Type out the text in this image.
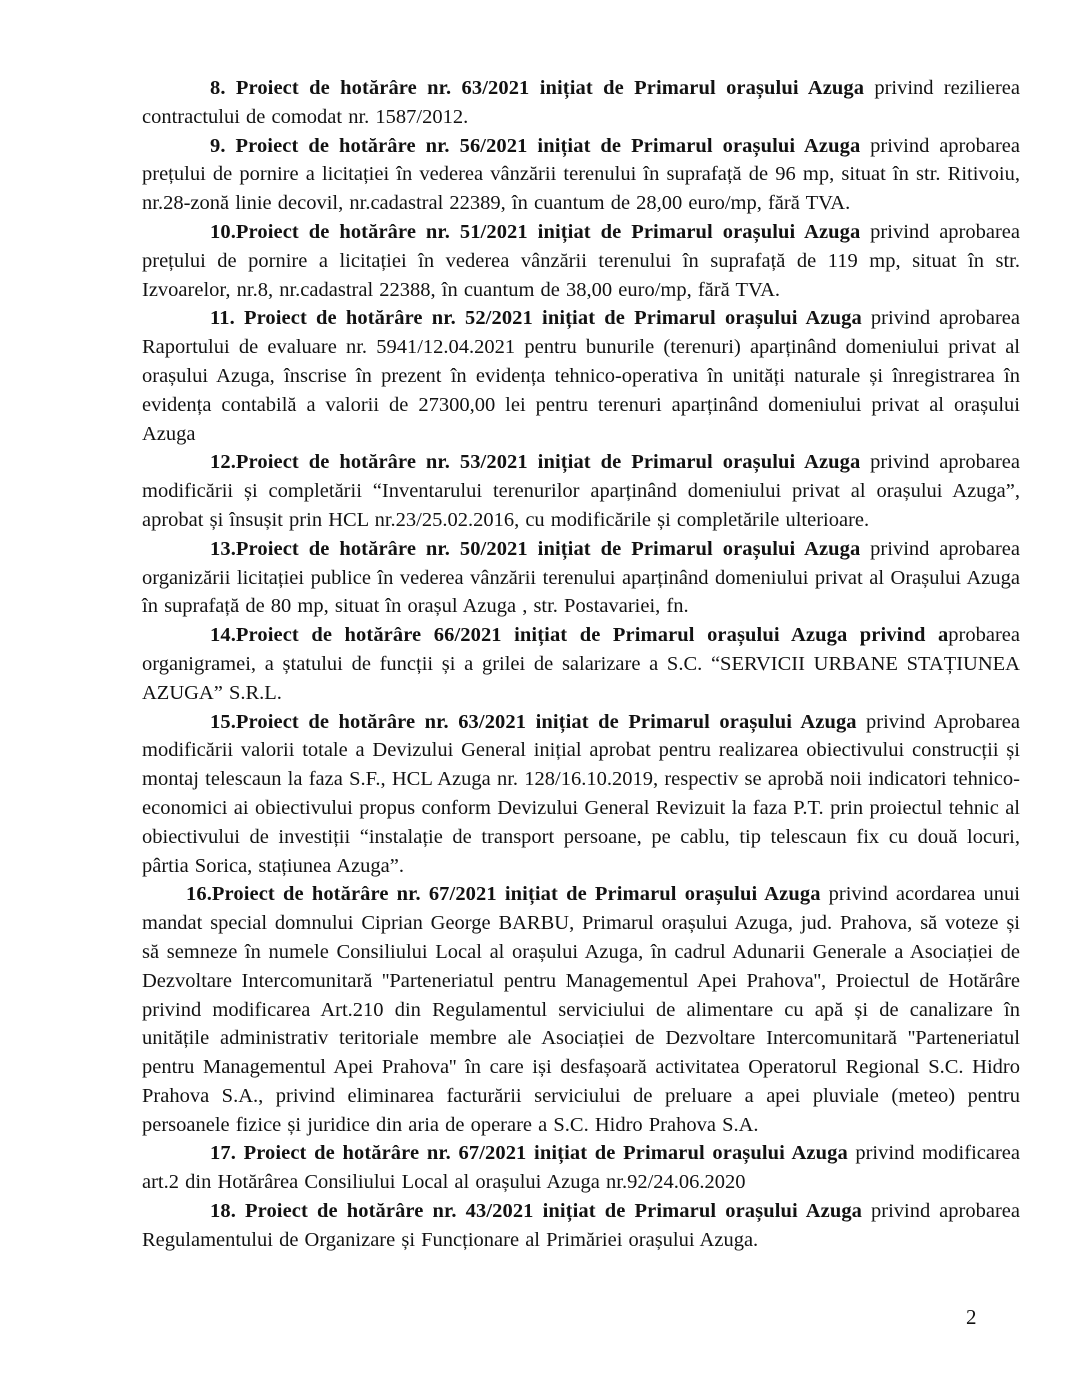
8. Proiect de hotărâre nr. 63/2021 inițiat de Primarul orașului Azuga privind rezilierea contractului de comodat nr. 1587/2012.

9. Proiect de hotărâre nr. 56/2021 inițiat de Primarul orașului Azuga privind aprobarea prețului de pornire a licitației în vederea vânzării terenului în suprafață de 96 mp, situat în str. Ritivoiu, nr.28-zonă linie decovil, nr.cadastral 22389, în cuantum de 28,00 euro/mp, fără TVA.

10.Proiect de hotărâre nr. 51/2021 inițiat de Primarul orașului Azuga privind aprobarea prețului de pornire a licitației în vederea vânzării terenului în suprafață de 119 mp, situat în str. Izvoarelor, nr.8, nr.cadastral 22388, în cuantum de 38,00 euro/mp, fără TVA.

11. Proiect de hotărâre nr. 52/2021 inițiat de Primarul orașului Azuga privind aprobarea Raportului de evaluare nr. 5941/12.04.2021 pentru bunurile (terenuri) aparținând domeniului privat al orașului Azuga, înscrise în prezent în evidența tehnico-operativa în unități naturale și înregistrarea în evidența contabilă a valorii de 27300,00 lei pentru terenuri aparținând domeniului privat al orașului Azuga

12.Proiect de hotărâre nr. 53/2021 inițiat de Primarul orașului Azuga privind aprobarea modificării și completării “Inventarului terenurilor aparținând domeniului privat al orașului Azuga”, aprobat și însușit prin HCL nr.23/25.02.2016, cu modificările și completările ulterioare.

13.Proiect de hotărâre nr. 50/2021 inițiat de Primarul orașului Azuga privind aprobarea organizării licitației publice în vederea vânzării terenului aparținând domeniului privat al Orașului Azuga în suprafață de 80 mp, situat în orașul Azuga , str. Postavariei, fn.

14.Proiect de hotărâre 66/2021 inițiat de Primarul orașului Azuga privind aprobarea organigramei, a ștatului de funcții și a grilei de salarizare a S.C. “SERVICII URBANE STAȚIUNEA AZUGA” S.R.L.

15.Proiect de hotărâre nr. 63/2021 inițiat de Primarul orașului Azuga privind Aprobarea modificării valorii totale a Devizului General inițial aprobat pentru realizarea obiectivului construcții și montaj telescaun la faza S.F., HCL Azuga nr. 128/16.10.2019, respectiv se aprobă noii indicatori tehnico-economici ai obiectivului propus conform Devizului General Revizuit la faza P.T. prin proiectul tehnic al obiectivului de investiții “instalație de transport persoane, pe cablu, tip telescaun fix cu două locuri, pârtia Sorica, stațiunea Azuga”.

16.Proiect de hotărâre nr. 67/2021 inițiat de Primarul orașului Azuga privind acordarea unui mandat special domnului Ciprian George BARBU, Primarul orașului Azuga, jud. Prahova, să voteze și să semneze în numele Consiliului Local al orașului Azuga, în cadrul Adunarii Generale a Asociației de Dezvoltare Intercomunitară ''Parteneriatul pentru Managementul Apei Prahova'', Proiectul de Hotărâre privind modificarea Art.210 din Regulamentul serviciului de alimentare cu apă și de canalizare în unitățile administrativ teritoriale membre ale Asociației de Dezvoltare Intercomunitară ''Parteneriatul pentru Managementul Apei Prahova'' în care iși desfașoară activitatea Operatorul Regional S.C. Hidro Prahova S.A., privind eliminarea facturării serviciului de preluare a apei pluviale (meteo) pentru persoanele fizice și juridice din aria de operare a S.C. Hidro Prahova S.A.

17. Proiect de hotărâre nr. 67/2021 inițiat de Primarul orașului Azuga privind modificarea art.2 din Hotărârea Consiliului Local al orașului Azuga nr.92/24.06.2020

18. Proiect de hotărâre nr. 43/2021 inițiat de Primarul orașului Azuga privind aprobarea Regulamentului de Organizare și Funcționare al Primăriei orașului Azuga.

2
